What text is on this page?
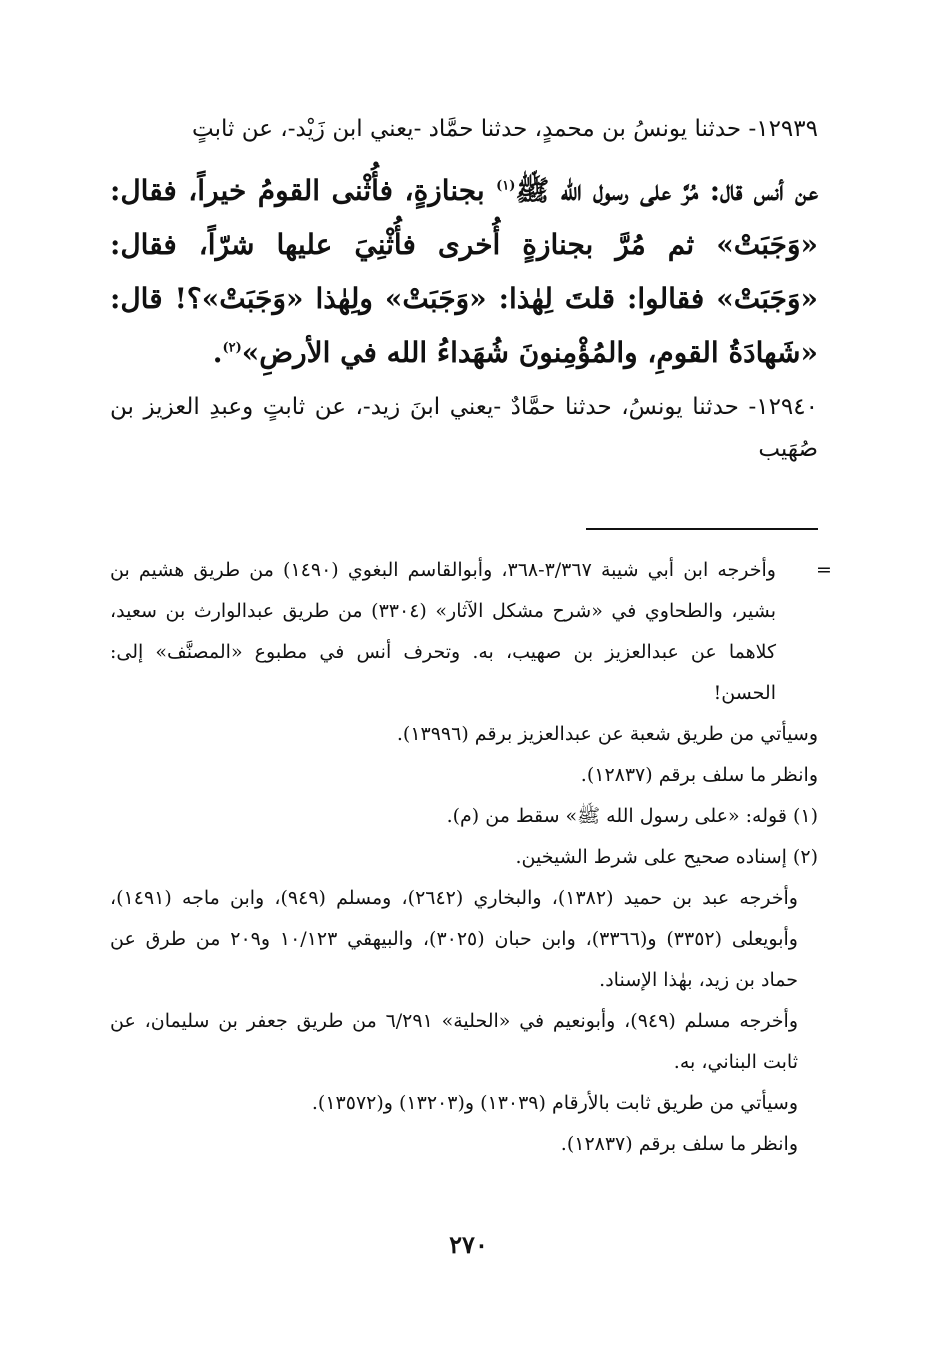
١٢٩٣٩- حدثنا يونسُ بن محمدٍ، حدثنا حمَّاد -يعني ابن زَيْد-، عن ثابتٍ

عن أنس قال: مُرَّ على رسول الله ﷺ$^{(١)}$ بجنازةٍ، فأُثْنى القومُ خيراً، فقال: «وَجَبَتْ» ثم مُرَّ بجنازةٍ أُخرى فأُثْنِيَ عليها شرّاً، فقال: «وَجَبَتْ» فقالوا: قلتَ لِهٰذا: «وَجَبَتْ» ولِهٰذا «وَجَبَتْ»؟! قال: «شَهادَةُ القومِ، والمُؤْمِنونَ شُهَداءُ الله في الأرضِ»$^{(٢)}$.

١٢٩٤٠- حدثنا يونسُ، حدثنا حمَّادٌ -يعني ابنَ زيد-، عن ثابتٍ وعبدِ العزيز بن صُهَيب

=
وأخرجه ابن أبي شيبة ٣/٣٦٧-٣٦٨، وأبوالقاسم البغوي (١٤٩٠) من طريق هشيم بن بشير، والطحاوي في «شرح مشكل الآثار» (٣٣٠٤) من طريق عبدالوارث بن سعيد، كلاهما عن عبدالعزيز بن صهيب، به. وتحرف أنس في مطبوع «المصنَّف» إلى: الحسن!

وسيأتي من طريق شعبة عن عبدالعزيز برقم (١٣٩٩٦).

وانظر ما سلف برقم (١٢٨٣٧).

(١) قوله: «على رسول الله ﷺ» سقط من (م).

(٢) إسناده صحيح على شرط الشيخين.

وأخرجه عبد بن حميد (١٣٨٢)، والبخاري (٢٦٤٢)، ومسلم (٩٤٩)، وابن ماجه (١٤٩١)، وأبويعلى (٣٣٥٢) و(٣٣٦٦)، وابن حبان (٣٠٢٥)، والبيهقي ١٠/١٢٣ و٢٠٩ من طرق عن حماد بن زيد، بهٰذا الإسناد.

وأخرجه مسلم (٩٤٩)، وأبونعيم في «الحلية» ٦/٢٩١ من طريق جعفر بن سليمان، عن ثابت البناني، به.

وسيأتي من طريق ثابت بالأرقام (١٣٠٣٩) و(١٣٢٠٣) و(١٣٥٧٢).

وانظر ما سلف برقم (١٢٨٣٧).

٢٧٠
